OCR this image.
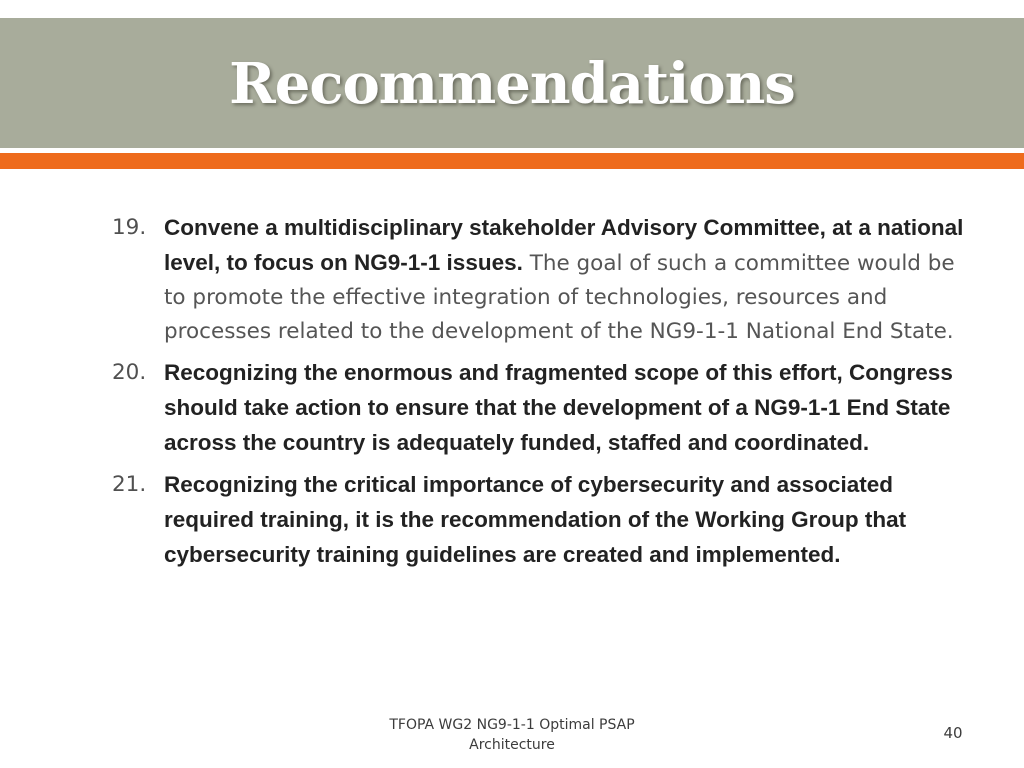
Recommendations
19. Convene a multidisciplinary stakeholder Advisory Committee, at a national level, to focus on NG9-1-1 issues. The goal of such a committee would be to promote the effective integration of technologies, resources and processes related to the development of the NG9-1-1 National End State.
20. Recognizing the enormous and fragmented scope of this effort, Congress should take action to ensure that the development of a NG9-1-1 End State across the country is adequately funded, staffed and coordinated.
21. Recognizing the critical importance of cybersecurity and associated required training, it is the recommendation of the Working Group that cybersecurity training guidelines are created and implemented.
TFOPA WG2 NG9-1-1 Optimal PSAP
Architecture
40
